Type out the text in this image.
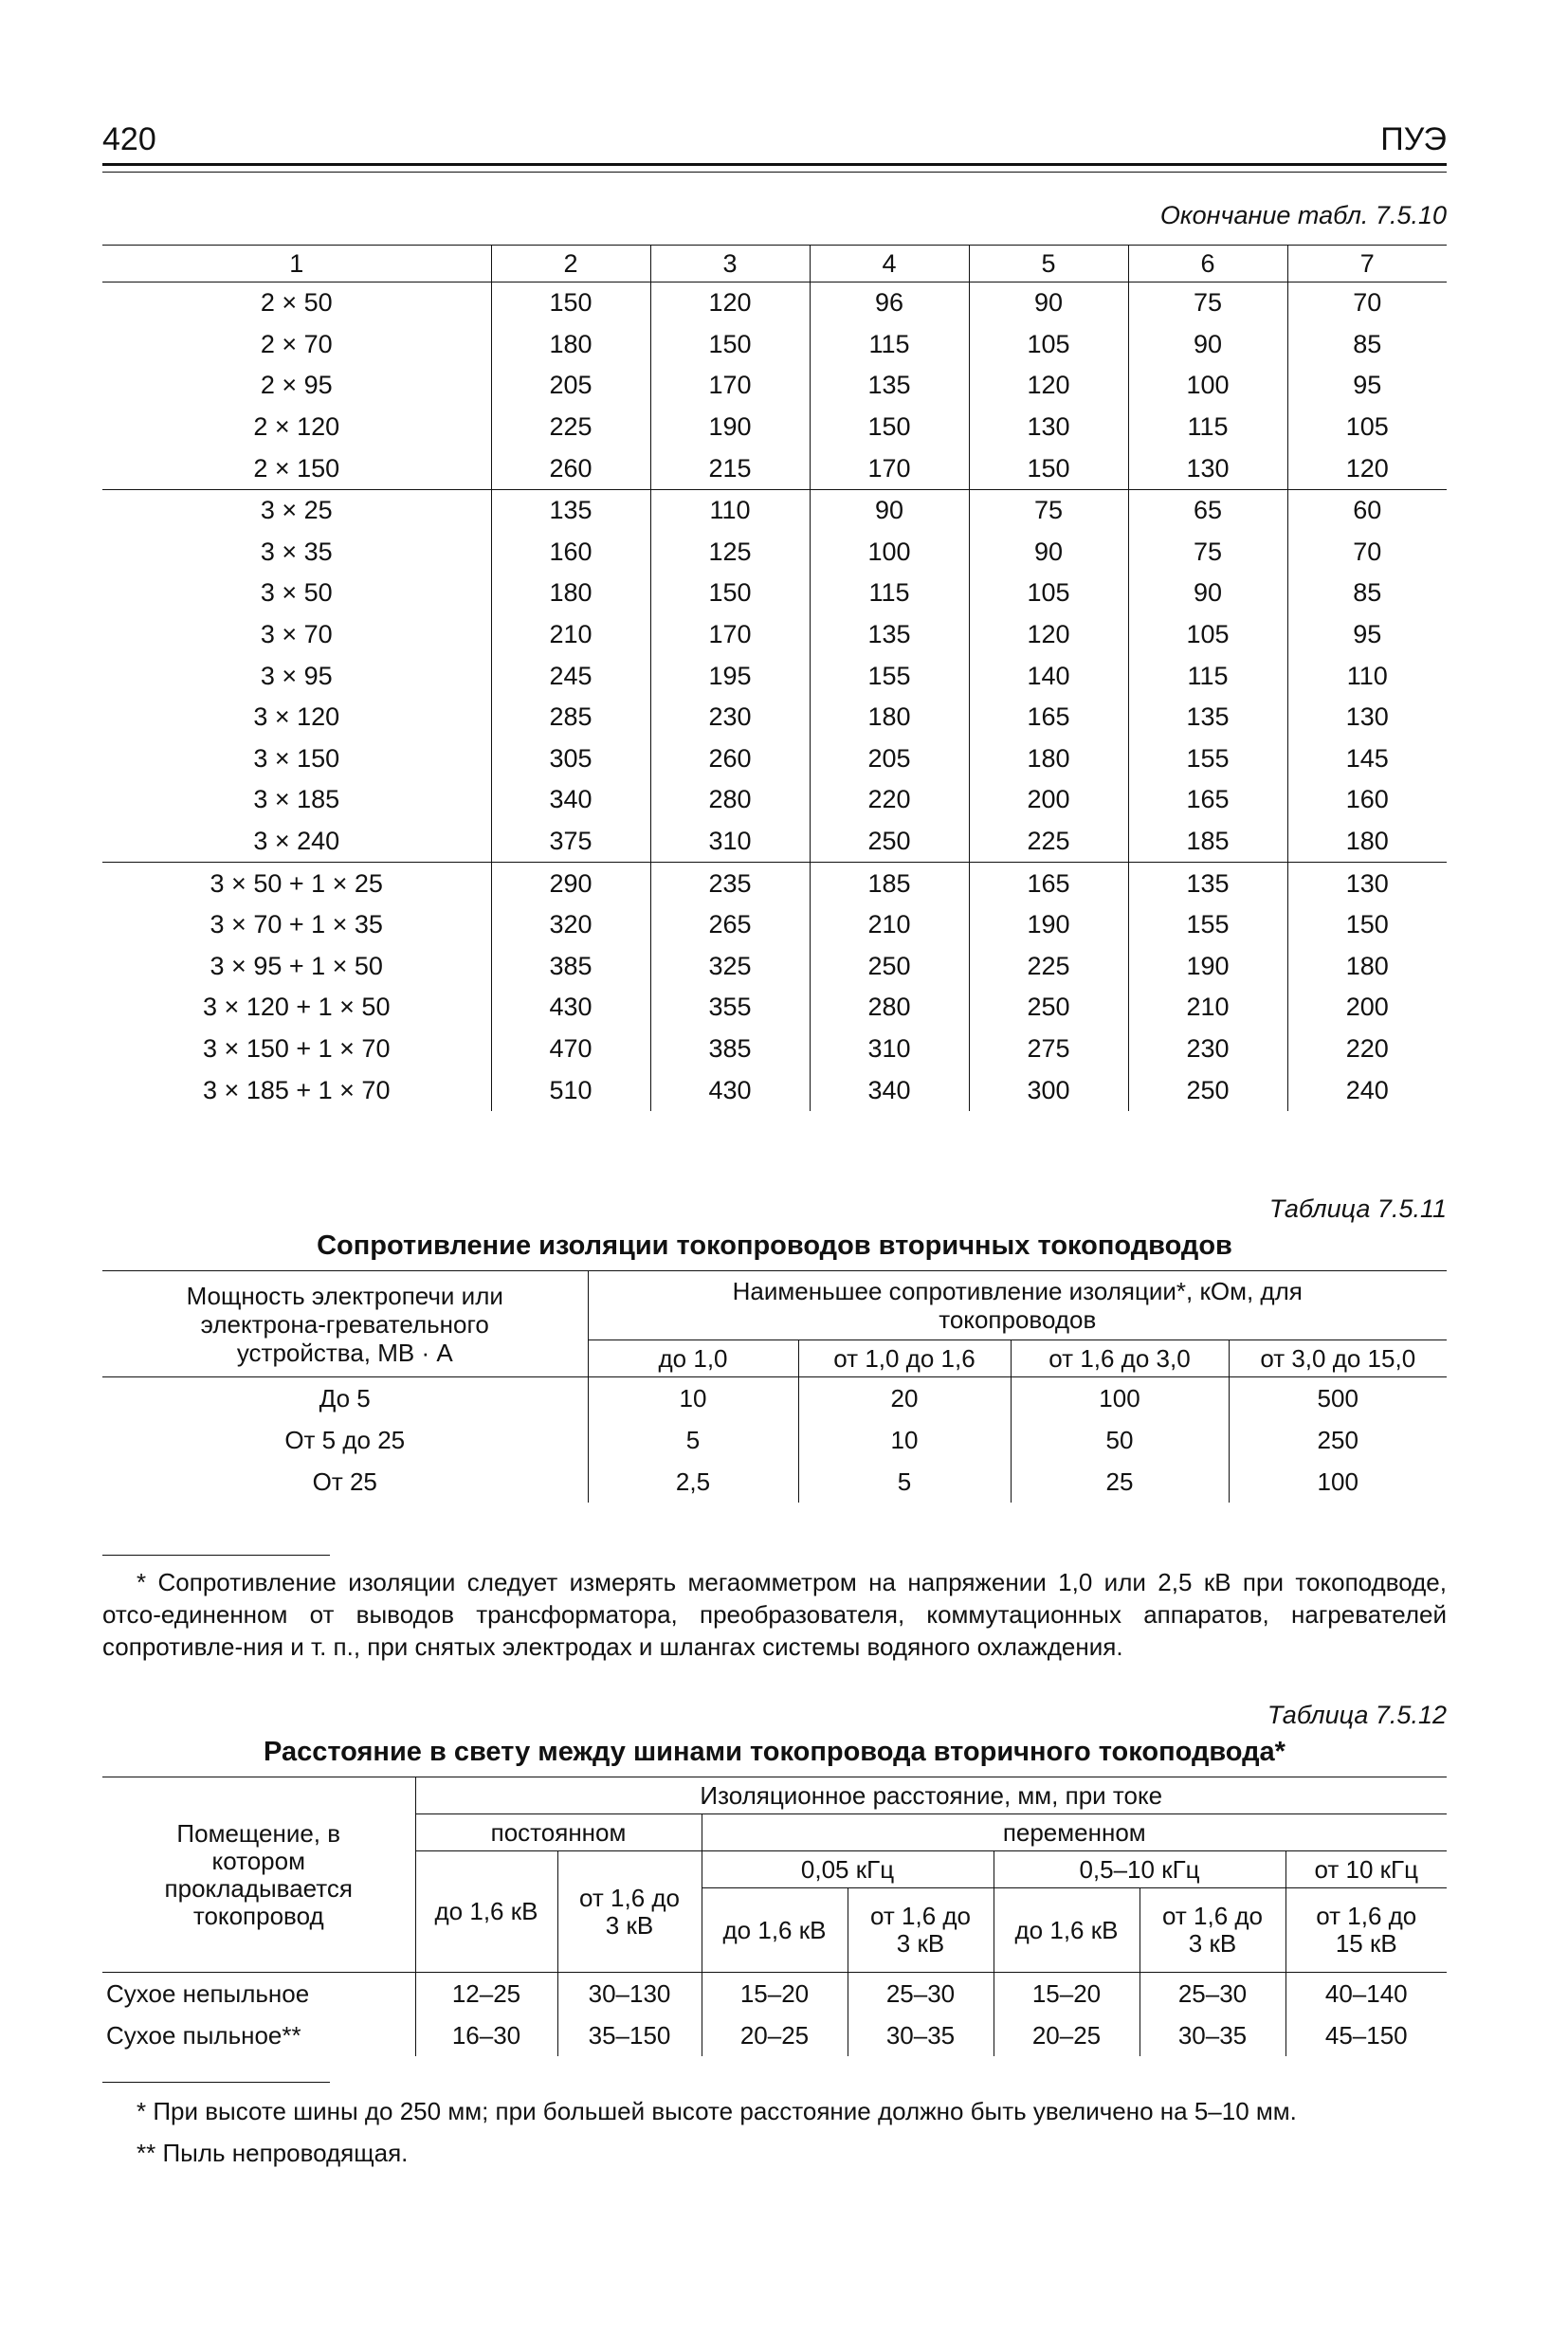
420	ПУЭ
Окончание табл. 7.5.10
1	2	3	4	5	6	7
2 × 50	150	120	96	90	75	70
2 × 70	180	150	115	105	90	85
2 × 95	205	170	135	120	100	95
2 × 120	225	190	150	130	115	105
2 × 150	260	215	170	150	130	120
3 × 25	135	110	90	75	65	60
3 × 35	160	125	100	90	75	70
3 × 50	180	150	115	105	90	85
3 × 70	210	170	135	120	105	95
3 × 95	245	195	155	140	115	110
3 × 120	285	230	180	165	135	130
3 × 150	305	260	205	180	155	145
3 × 185	340	280	220	200	165	160
3 × 240	375	310	250	225	185	180
3 × 50 + 1 × 25	290	235	185	165	135	130
3 × 70 + 1 × 35	320	265	210	190	155	150
3 × 95 + 1 × 50	385	325	250	225	190	180
3 × 120 + 1 × 50	430	355	280	250	210	200
3 × 150 + 1 × 70	470	385	310	275	230	220
3 × 185 + 1 × 70	510	430	340	300	250	240
Таблица 7.5.11
Сопротивление изоляции токопроводов вторичных токоподводов
Мощность электропечи или электрона-гревательного устройства, МВ · А	Наименьшее сопротивление изоляции*, кОм, для токопроводов			
	до 1,0	от 1,0 до 1,6	от 1,6 до 3,0	от 3,0 до 15,0
До 5	10	20	100	500
От 5 до 25	5	10	50	250
От 25	2,5	5	25	100
* Сопротивление изоляции следует измерять мегаомметром на напряжении 1,0 или 2,5 кВ при токоподводе, отсо-единенном от выводов трансформатора, преобразователя, коммутационных аппаратов, нагревателей сопротивле-ния и т. п., при снятых электродах и шлангах системы водяного охлаждения.
Таблица 7.5.12
Расстояние в свету между шинами токопровода вторичного токоподвода*
Помещение, в котором прокладывается токопровод	Изоляционное расстояние, мм, при токе						
	постоянном		переменном				
	до 1,6 кВ	от 1,6 до 3 кВ	0,05 кГц		0,5–10 кГц		от 10 кГц
			до 1,6 кВ	от 1,6 до 3 кВ	до 1,6 кВ	от 1,6 до 3 кВ	от 1,6 до 15 кВ
Сухое непыльное	12–25	30–130	15–20	25–30	15–20	25–30	40–140
Сухое пыльное**	16–30	35–150	20–25	30–35	20–25	30–35	45–150
* При высоте шины до 250 мм; при большей высоте расстояние должно быть увеличено на 5–10 мм.
** Пыль непроводящая.
